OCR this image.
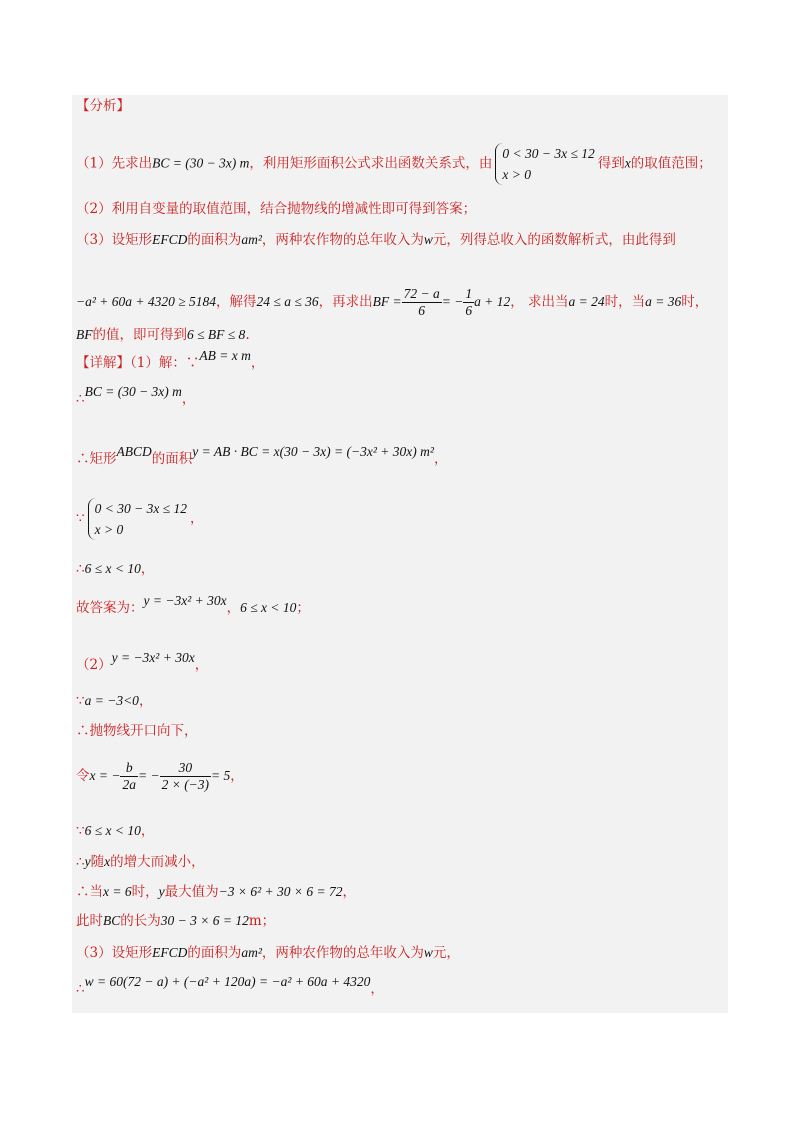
【分析】
（1）先求出BC = (30 − 3x) m，利用矩形面积公式求出函数关系式，由
0 < 30 − 3x ≤ 12
x > 0
得到x的取值范围；
（2）利用自变量的取值范围，结合抛物线的增减性即可得到答案；
（3）设矩形EFCD的面积为am²，两种农作物的总年收入为w元，列得总收入的函数解析式，由此得到
−a² + 60a + 4320 ≥ 5184，解得24 ≤ a ≤ 36，再求出BF = $\frac{72 - a}{6}$ = − $\frac{1}{6}$ a + 12， 求出当a = 24时，当a = 36时，
BF的值，即可得到6 ≤ BF ≤ 8.
【详解】（1）解：∵AB = x m，
∴BC = (30 − 3x) m，
∴矩形ABCD的面积y = AB · BC = x(30 − 3x) = (−3x² + 30x) m²，
∵
0 < 30 − 3x ≤ 12
x > 0
，
∴6 ≤ x < 10，
故答案为：y = −3x² + 30x，6 ≤ x < 10；
（2）y = −3x² + 30x，
∵a = −3<0，
∴抛物线开口向下，
令x = − $\frac{b}{2a}$ = − $\frac{30}{2 \times (-3)} = 5$，
∵6 ≤ x < 10，
∴y随x的增大而减小，
∴当x = 6时，y最大值为−3 × 6² + 30 × 6 = 72，
此时BC的长为30 − 3 × 6 = 12m；
（3）设矩形EFCD的面积为am²，两种农作物的总年收入为w元，
∴w = 60(72 − a) + (−a² + 120a) = −a² + 60a + 4320，
